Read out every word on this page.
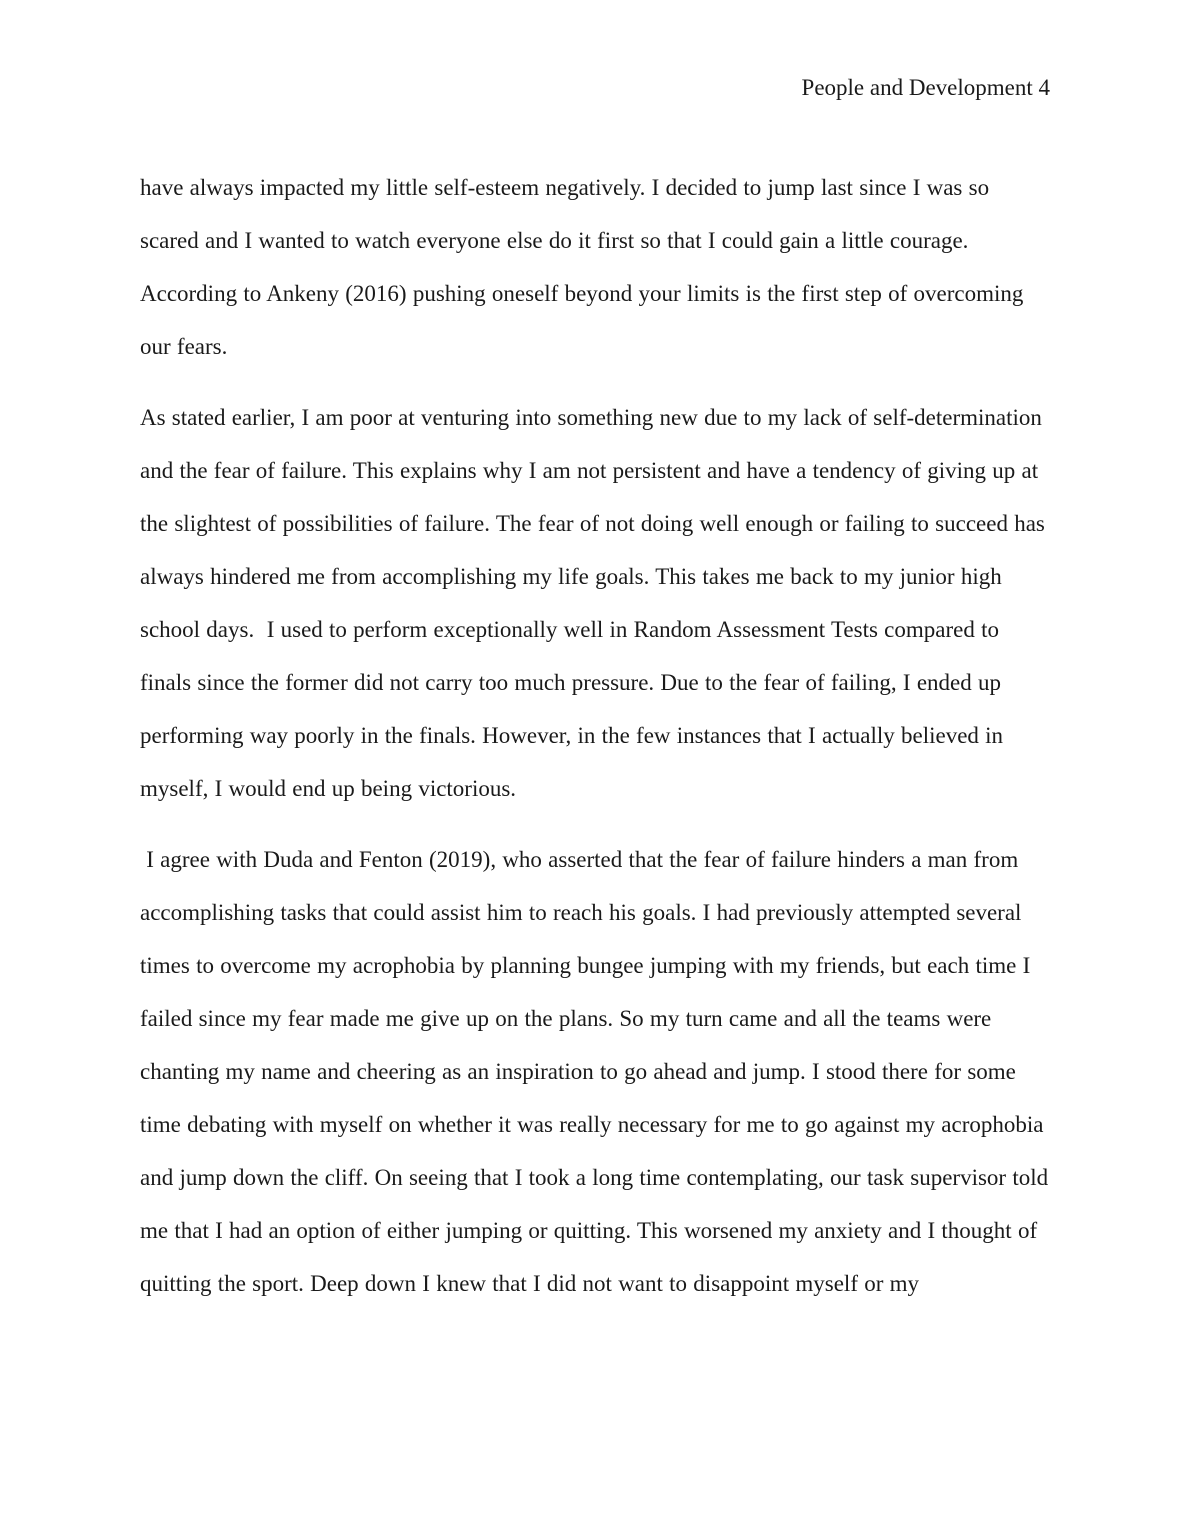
People and Development 4

have always impacted my little self-esteem negatively. I decided to jump last since I was so scared and I wanted to watch everyone else do it first so that I could gain a little courage. According to Ankeny (2016) pushing oneself beyond your limits is the first step of overcoming our fears.

As stated earlier, I am poor at venturing into something new due to my lack of self-determination and the fear of failure. This explains why I am not persistent and have a tendency of giving up at the slightest of possibilities of failure. The fear of not doing well enough or failing to succeed has always hindered me from accomplishing my life goals. This takes me back to my junior high school days.  I used to perform exceptionally well in Random Assessment Tests compared to finals since the former did not carry too much pressure. Due to the fear of failing, I ended up performing way poorly in the finals. However, in the few instances that I actually believed in myself, I would end up being victorious.

I agree with Duda and Fenton (2019), who asserted that the fear of failure hinders a man from accomplishing tasks that could assist him to reach his goals. I had previously attempted several times to overcome my acrophobia by planning bungee jumping with my friends, but each time I failed since my fear made me give up on the plans. So my turn came and all the teams were chanting my name and cheering as an inspiration to go ahead and jump. I stood there for some time debating with myself on whether it was really necessary for me to go against my acrophobia and jump down the cliff. On seeing that I took a long time contemplating, our task supervisor told me that I had an option of either jumping or quitting. This worsened my anxiety and I thought of quitting the sport. Deep down I knew that I did not want to disappoint myself or my
